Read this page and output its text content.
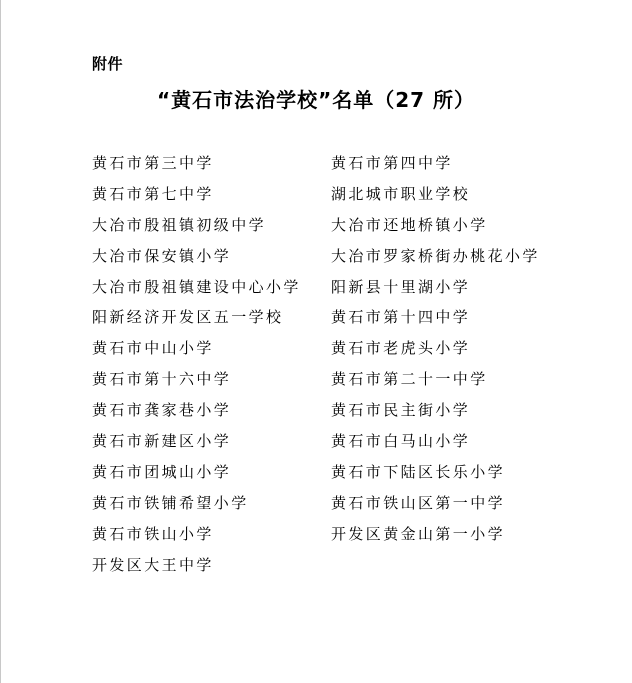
附件
“黄石市法治学校”名单（27 所）
黄石市第三中学
黄石市第七中学
大冶市殷祖镇初级中学
大冶市保安镇小学
大冶市殷祖镇建设中心小学
阳新经济开发区五一学校
黄石市中山小学
黄石市第十六中学
黄石市龚家巷小学
黄石市新建区小学
黄石市团城山小学
黄石市铁铺希望小学
黄石市铁山小学
开发区大王中学
黄石市第四中学
湖北城市职业学校
大冶市还地桥镇小学
大冶市罗家桥街办桃花小学
阳新县十里湖小学
黄石市第十四中学
黄石市老虎头小学
黄石市第二十一中学
黄石市民主街小学
黄石市白马山小学
黄石市下陆区长乐小学
黄石市铁山区第一中学
开发区黄金山第一小学
